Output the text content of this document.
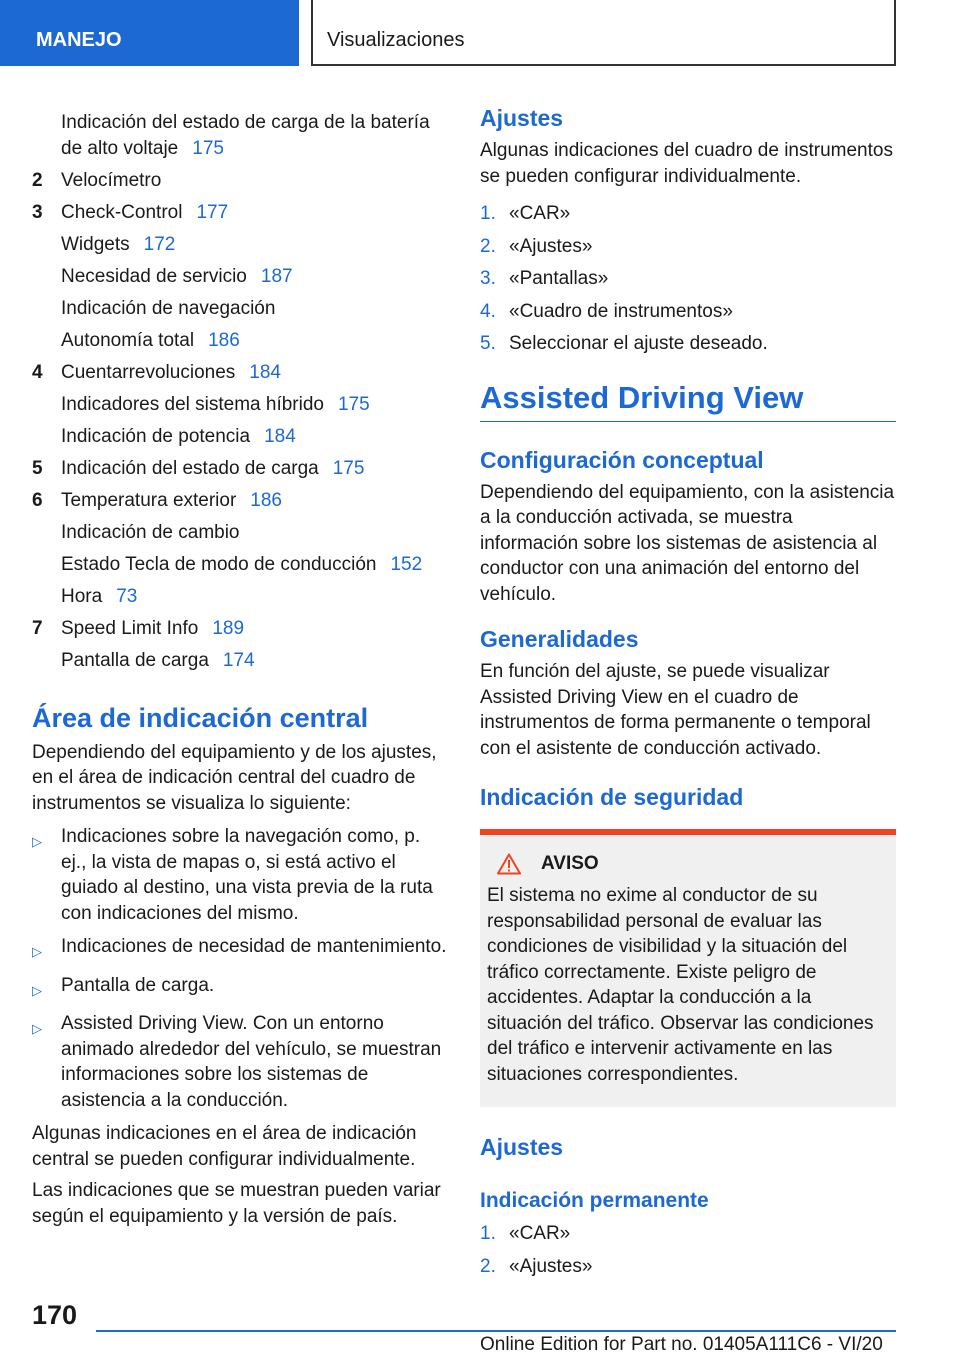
MANEJO	Visualizaciones
Indicación del estado de carga de la batería de alto voltaje 175
2 Velocímetro
3 Check-Control 177
Widgets 172
Necesidad de servicio 187
Indicación de navegación
Autonomía total 186
4 Cuentarrevoluciones 184
Indicadores del sistema híbrido 175
Indicación de potencia 184
5 Indicación del estado de carga 175
6 Temperatura exterior 186
Indicación de cambio
Estado Tecla de modo de conducción 152
Hora 73
7 Speed Limit Info 189
Pantalla de carga 174
Área de indicación central
Dependiendo del equipamiento y de los ajustes, en el área de indicación central del cuadro de instrumentos se visualiza lo siguiente:
▷	Indicaciones sobre la navegación como, p. ej., la vista de mapas o, si está activo el guiado al destino, una vista previa de la ruta con indicaciones del mismo.
▷	Indicaciones de necesidad de mantenimiento.
▷	Pantalla de carga.
▷	Assisted Driving View. Con un entorno animado alrededor del vehículo, se muestran informaciones sobre los sistemas de asistencia a la conducción.
Algunas indicaciones en el área de indicación central se pueden configurar individualmente.
Las indicaciones que se muestran pueden variar según el equipamiento y la versión de país.
Ajustes
Algunas indicaciones del cuadro de instrumentos se pueden configurar individualmente.
1. «CAR»
2. «Ajustes»
3. «Pantallas»
4. «Cuadro de instrumentos»
5. Seleccionar el ajuste deseado.
Assisted Driving View
Configuración conceptual
Dependiendo del equipamiento, con la asistencia a la conducción activada, se muestra información sobre los sistemas de asistencia al conductor con una animación del entorno del vehículo.
Generalidades
En función del ajuste, se puede visualizar Assisted Driving View en el cuadro de instrumentos de forma permanente o temporal con el asistente de conducción activado.
Indicación de seguridad
AVISO
El sistema no exime al conductor de su responsabilidad personal de evaluar las condiciones de visibilidad y la situación del tráfico correctamente. Existe peligro de accidentes. Adaptar la conducción a la situación del tráfico. Observar las condiciones del tráfico e intervenir activamente en las situaciones correspondientes.
Ajustes
Indicación permanente
1. «CAR»
2. «Ajustes»
170
Online Edition for Part no. 01405A111C6 - VI/20
